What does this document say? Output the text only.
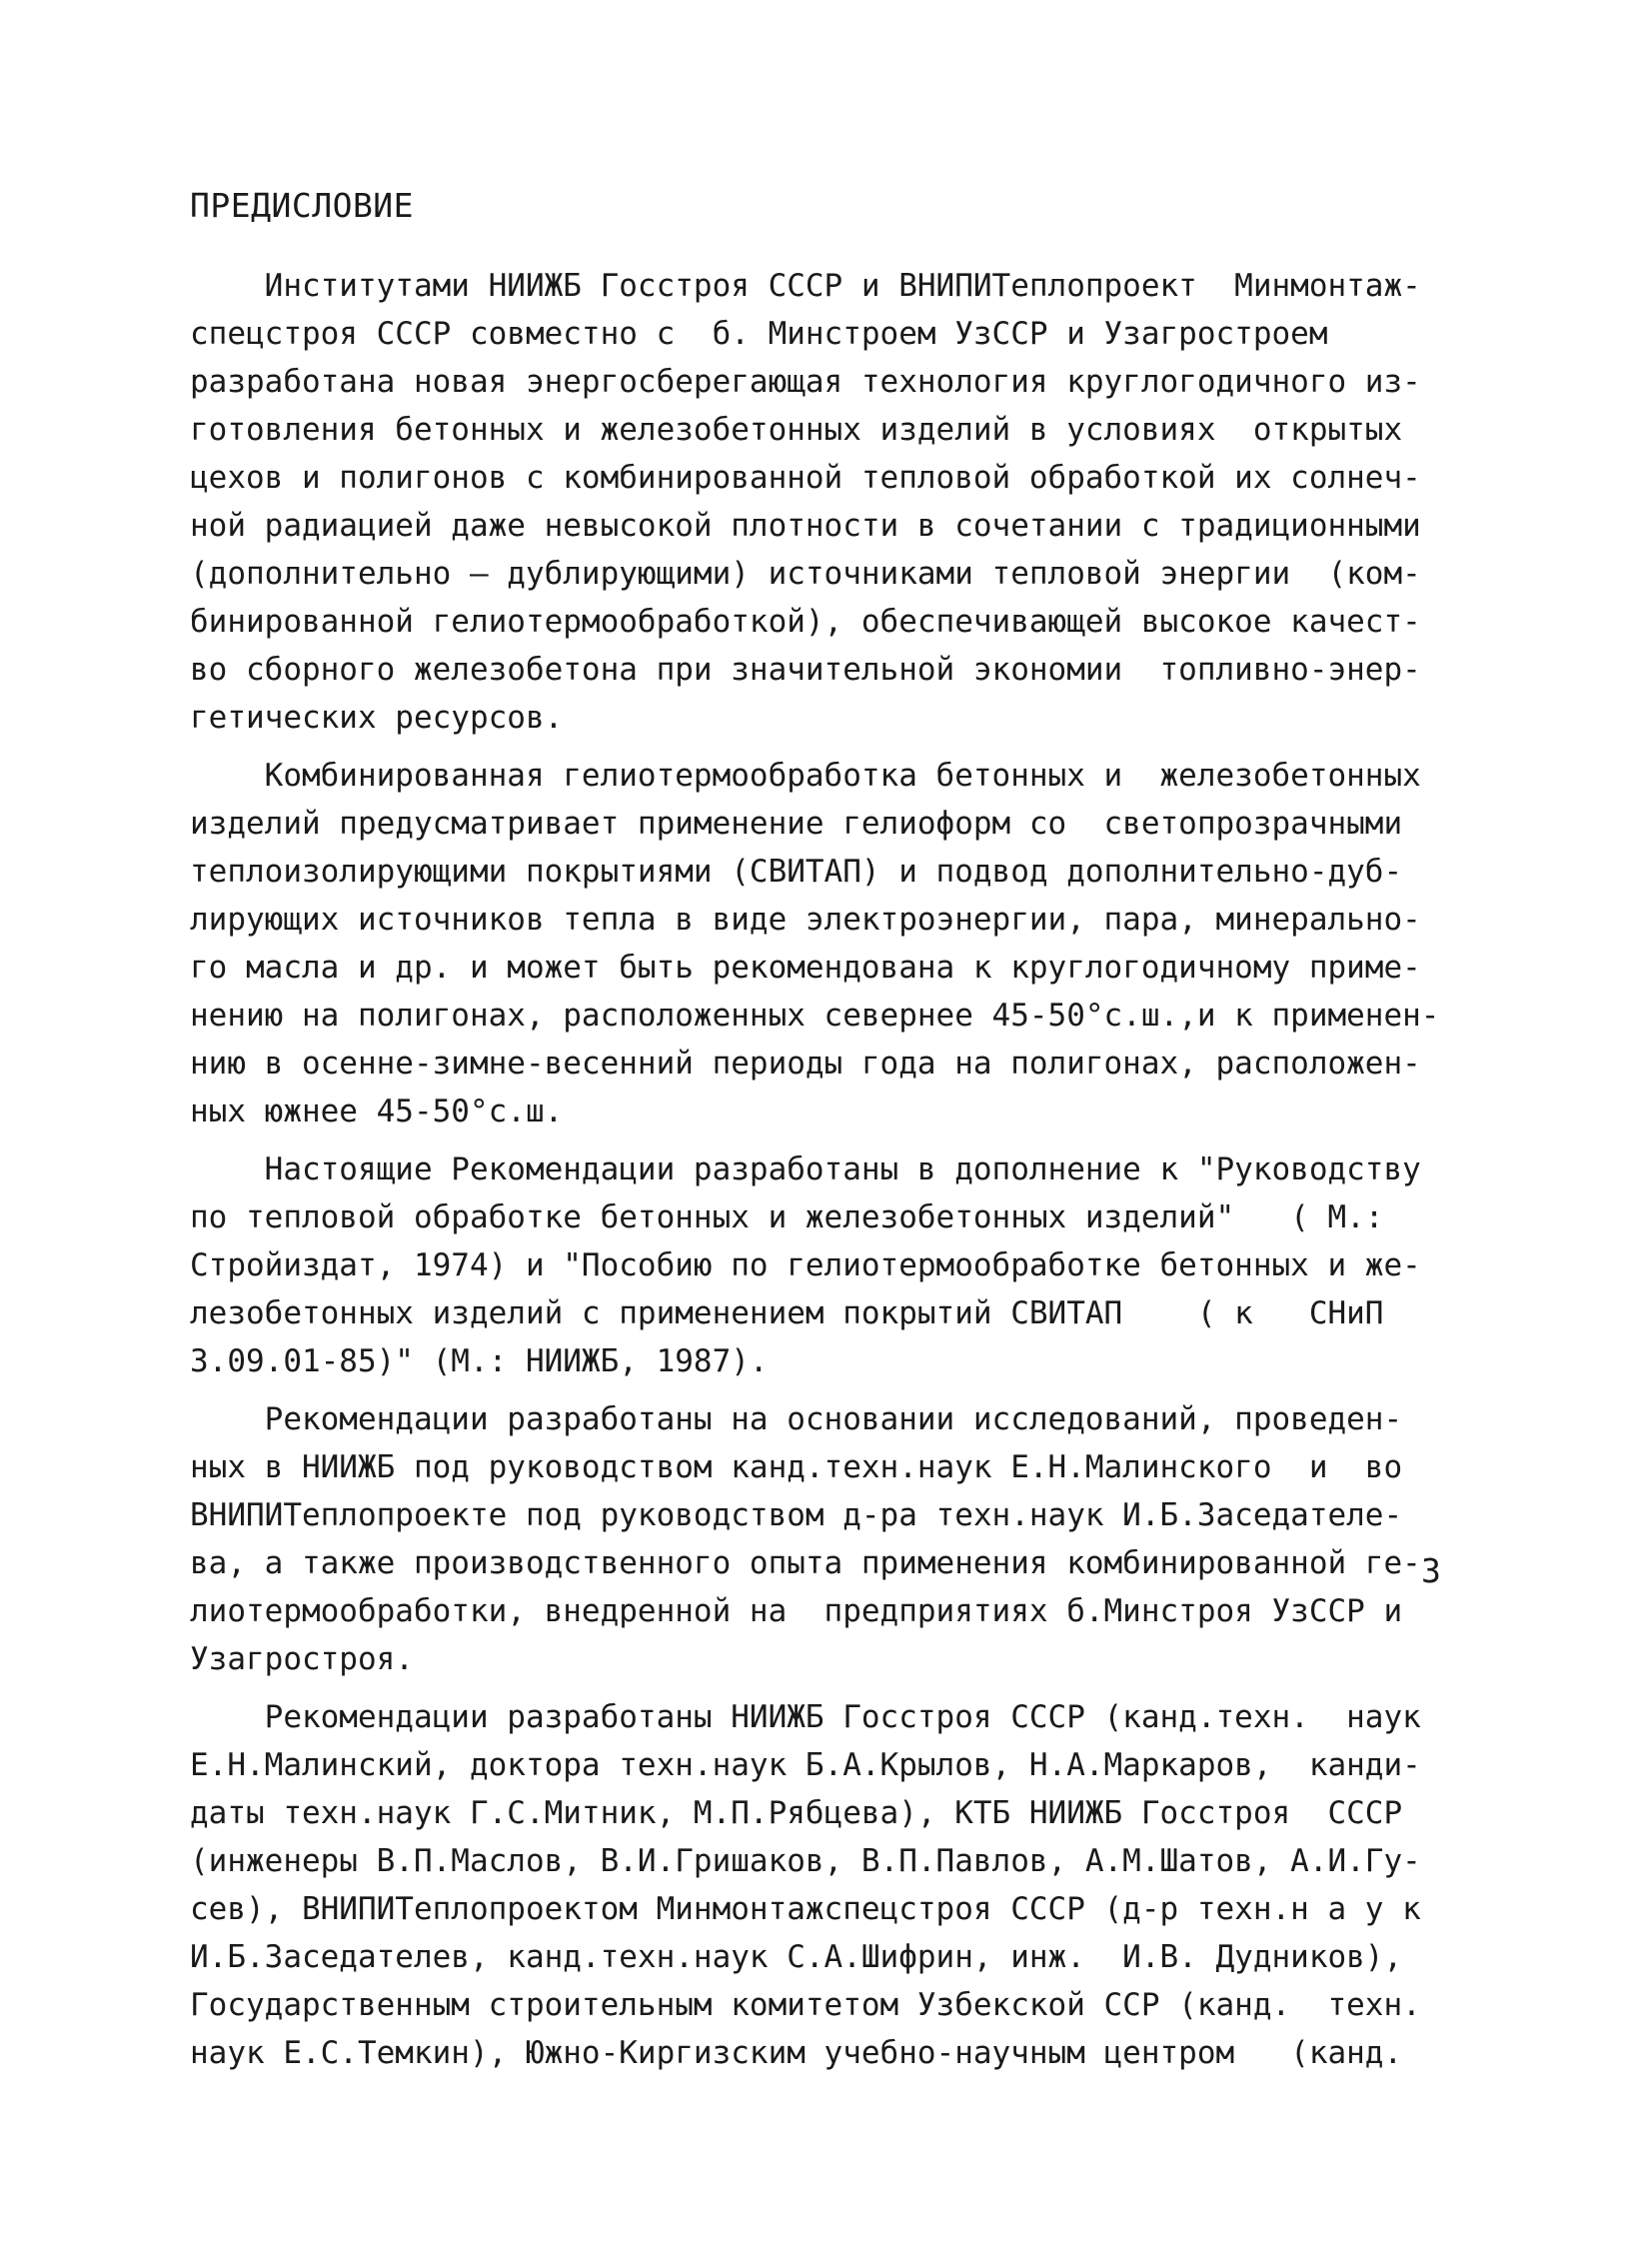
ПРЕДИСЛОВИЕ
Институтами НИИЖБ Госстроя СССР и ВНИПИТеплопроект  Минмонтаж-
спецстроя СССР совместно с  б. Минстроем УзССР и Узагростроем
разработана новая энергосберегающая технология круглогодичного из-
готовления бетонных и железобетонных изделий в условиях  открытых
цехов и полигонов с комбинированной тепловой обработкой их солнеч-
ной радиацией даже невысокой плотности в сочетании с традиционными
(дополнительно – дублирующими) источниками тепловой энергии  (ком-
бинированной гелиотермообработкой), обеспечивающей высокое качест-
во сборного железобетона при значительной экономии  топливно-энер-
гетических ресурсов.
Комбинированная гелиотермообработка бетонных и  железобетонных
изделий предусматривает применение гелиоформ со  светопрозрачными
теплоизолирующими покрытиями (СВИТАП) и подвод дополнительно-дуб-
лирующих источников тепла в виде электроэнергии, пара, минерально-
го масла и др. и может быть рекомендована к круглогодичному приме-
нению на полигонах, расположенных севернее 45-50°с.ш.,и к применен-
нию в осенне-зимне-весенний периоды года на полигонах, расположен-
ных южнее 45-50°с.ш.
Настоящие Рекомендации разработаны в дополнение к "Руководству
по тепловой обработке бетонных и железобетонных изделий"   ( М.:
Стройиздат, 1974) и "Пособию по гелиотермообработке бетонных и же-
лезобетонных изделий с применением покрытий СВИТАП    ( к   СНиП
3.09.01-85)" (М.: НИИЖБ, 1987).
Рекомендации разработаны на основании исследований, проведен-
ных в НИИЖБ под руководством канд.техн.наук Е.Н.Малинского  и  во
ВНИПИТеплопроекте под руководством д-ра техн.наук И.Б.Заседателе-
ва, а также производственного опыта применения комбинированной ге-
лиотермообработки, внедренной на  предприятиях б.Минстроя УзССР и
Узагростроя.
Рекомендации разработаны НИИЖБ Госстроя СССР (канд.техн.  наук
Е.Н.Малинский, доктора техн.наук Б.А.Крылов, Н.А.Маркаров,  канди-
даты техн.наук Г.С.Митник, М.П.Рябцева), КТБ НИИЖБ Госстроя  СССР
(инженеры В.П.Маслов, В.И.Гришаков, В.П.Павлов, А.М.Шатов, А.И.Гу-
сев), ВНИПИТеплопроектом Минмонтажспецстроя СССР (д-р техн.н а у к
И.Б.Заседателев, канд.техн.наук С.А.Шифрин, инж.  И.В. Дудников),
Государственным строительным комитетом Узбекской ССР (канд.  техн.
наук Е.С.Темкин), Южно-Киргизским учебно-научным центром   (канд.

3
